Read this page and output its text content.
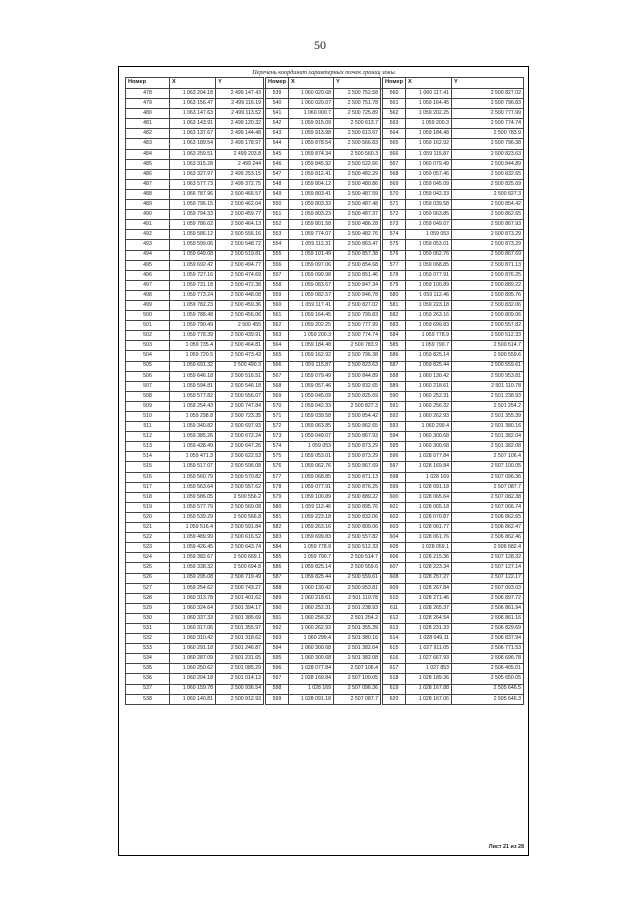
50
Перечень координат характерных точек границ зоны
Номер	X	Y		Номер	X	Y		Номер	X	Y
478	1 063 204.18	2 499 147.43		539	1 060 020.68	2 500 752.58		560	1 060 117.41	2 500 827.02
479	1 063 156.47	2 499 116.19		540	1 060 020.07	2 500 751.78		561	1 059 164.45	2 500 796.83
480	1 063 147.63	2 499 113.52		541	1 060 000.7	2 500 725.89		562	1 059 202.25	2 500 777.99
481	1 063 143.91	2 499 120.32		542	1 059 915.09	2 500 613.7		563	1 059 200.3	2 500 774.74
482	1 063 137.67	2 499 144.48		543	1 059 913.98	2 500 613.67		564	1 059 184.48	2 500 783.9
483	1 063 189.54	2 499 178.97		544	1 059 878.54	2 500 566.83		565	1 059 162.92	2 500 796.38
484	1 063 259.51	2 499 203.8		545	1 059 874.34	2 500 560.3		566	1 059 115.87	2 500 823.63
485	1 063 315.28	2 499 244		546	1 059 845.92	2 500 522.66		567	1 060 079.49	2 500 844.89
486	1 063 327.97	2 499 253.15		547	1 059 812.41	2 500 482.29		568	1 059 057.46	2 500 832.65
487	1 063 577.73	2 499 372.75		548	1 059 804.12	2 500 480.86		569	1 059 045.09	2 500 825.69
488	1 066 787.96	2 500 466.57		549	1 059 803.41	2 500 487.59		570	1 059 042.33	2 500 827.3
489	1 059 796.15	2 500 462.04		550	1 059 803.33	2 500 487.48		571	1 059 039.58	2 500 854.42
490	1 059 794.33	2 500 459.77		551	1 059 803.23	2 500 487.37		572	1 059 063.85	2 500 862.65
491	1 059 786.02	2 500 464.13		552	1 059 801.58	2 500 486.28		573	1 059 049.07	2 500 867.93
492	1 059 586.12	2 500 556.16		553	1 059 774.07	2 500 482.76		574	1 059 053	2 500 873.29
493	1 059 599.06	2 500 548.72		554	1 059 112.31	2 500 863.47		575	1 059 053.01	2 500 873.29
494	1 059 649.08	2 500 519.81		555	1 059 101.49	2 500 857.38		576	1 059 062.76	2 500 867.69
495	1 059 692.42	2 500 494.77		556	1 059 097.06	2 500 854.68		577	1 059 068.85	2 500 871.13
496	1 059 727.16	2 500 474.69		557	1 059 090.98	2 500 851.46		578	1 059 077.91	2 500 876.25
497	1 059 731.18	2 500 472.38		558	1 059 083.67	2 500 847.34		579	1 059 100.89	2 500 889.22
498	1 059 773.24	2 500 448.08		559	1 059 082.57	2 500 846.78		580	1 059 112.46	2 500 895.76
499	1 059 782.23	2 500 459.36		560	1 059 117.41	2 500 827.02		581	1 059 223.18	2 500 832.06
500	1 059 788.48	2 500 456.06		561	1 059 164.45	2 500 799.83		582	1 059 263.16	2 500 809.06
501	1 059 790.49	2 500 455		562	1 059 202.25	2 500 777.99		583	1 059 699.83	2 500 557.82
502	1 059 778.39	2 500 439.91		563	1 059 200.3	2 500 774.74		584	1 059 778.9	2 500 512.33
503	1 059 735.4	2 500 464.81		564	1 059 184.48	2 500 783.9		585	1 059 790.7	2 500 514.7
504	1 059 720.5	2 500 473.43		565	1 059 162.92	2 500 796.38		586	1 059 825.14	2 500 559.6
505	1 059 691.32	2 500 490.3		566	1 059 115.87	2 500 823.63		587	1 059 825.44	2 500 559.61
506	1 059 646.18	2 500 516.51		567	1 059 079.49	2 500 844.89		588	1 060 130.42	2 500 953.81
507	1 059 594.81	2 500 546.18		568	1 059 057.46	2 500 832.65		589	1 060 218.61	2 501 110.78
508	1 059 577.82	2 500 556.07		569	1 059 045.09	2 500 825.69		590	1 060 252.31	2 501 238.93
509	1 059 254.43	2 500 747.84		570	1 059 042.33	2 500 827.3		591	1 060 256.32	2 501 254.2
510	1 059 298.8	2 500 723.35		571	1 059 039.58	2 500 854.42		592	1 060 262.93	2 501 355.39
511	1 059 340.82	2 500 697.93		572	1 059 063.85	2 500 862.65		593	1 060 299.4	2 501 380.16
512	1 059 385.26	2 500 672.24		573	1 059 049.07	2 500 867.93		594	1 060 300.68	2 501 382.04
513	1 059 428.49	2 500 647.26		574	1 059 053	2 500 873.29		595	1 060 300.68	2 501 382.08
514	1 059 471.3	2 500 622.53		575	1 059 053.01	2 500 873.29		596	1 028 077.84	2 507 106.4
515	1 059 517.07	2 500 596.08		576	1 059 062.76	2 500 867.69		597	1 028 169.84	2 507 100.05
516	1 059 560.79	2 500 570.82		577	1 059 068.85	2 500 871.13		598	1 028 169	2 507 096.36
517	1 059 563.64	2 500 557.62		578	1 059 077.91	2 500 876.25		599	1 028 091.18	2 507 087.7
518	1 059 586.05	2 500 556.2		579	1 059 100.89	2 500 889.22		600	1 028 065.64	2 507 082.38
519	1 059 577.79	2 500 560.08		580	1 059 112.46	2 500 895.76		601	1 028 065.18	2 507 066.74
520	1 059 539.29	2 500 566.8		581	1 059 223.18	2 500 832.06		602	1 028 070.87	2 506 862.65
521	1 059 516.4	2 500 591.84		582	1 059 263.16	2 500 809.06		603	1 028 061.77	2 506 862.47
522	1 059 489.99	2 500 616.52		583	1 059 699.83	2 500 557.82		604	1 028 061.76	2 506 862.46
523	1 059 426.45	2 500 643.74		584	1 059 778.9	2 500 512.33		605	1 028 059.1	2 506 582.4
524	1 059 382.67	2 500 669.1		585	1 059 790.7	2 500 514.7		606	1 028 215.36	2 507 128.32
525	1 059 338.32	2 500 694.8		586	1 059 825.14	2 500 559.6		607	1 028 223.34	2 507 127.14
526	1 059 295.08	2 500 719.49		587	1 059 825.44	2 500 559.61		608	1 028 257.27	2 507 122.17
527	1 059 254.62	2 500 743.27		588	1 060 130.42	2 500 953.81		609	1 028 267.84	2 507 093.03
528	1 060 313.78	2 501 401.62		589	1 060 218.61	2 501 110.78		610	1 028 271.46	2 506 897.72
529	1 060 324.64	2 501 394.17		590	1 060 252.31	2 501 238.93		611	1 028 265.37	2 506 861.94
530	1 060 337.33	2 501 385.69		591	1 060 256.32	2 501 254.2		612	1 028 264.54	2 506 861.16
531	1 060 317.06	2 501 355.97		592	1 060 262.93	2 501 355.39		613	1 028 231.33	2 506 829.69
532	1 060 310.42	2 501 318.62		593	1 060 299.4	2 501 380.16		614	1 028 049.11	2 506 837.94
533	1 060 291.18	2 501 246.87		594	1 060 300.68	2 501 382.04		615	1 027 911.05	2 506 771.53
534	1 060 287.09	2 501 231.65		595	1 060 300.68	2 501 382.08		616	1 027 667.93	2 506 696.78
535	1 060 250.62	2 501 085.29		596	1 028 077.84	2 507 106.4		617	1 027 853	2 506 405.01
536	1 060 204.18	2 501 014.13		597	1 028 169.84	2 507 100.05		618	1 028 189.36	2 505 650.05
537	1 060 159.78	2 500 936.54		598	1 028 169	2 507 096.36		619	1 028 167.88	2 505 646.5
538	1 060 140.81	2 500 912.93		599	1 028 091.18	2 507 087.7		620	1 028 167.06	2 505 646.3
Лист 21 из 28
